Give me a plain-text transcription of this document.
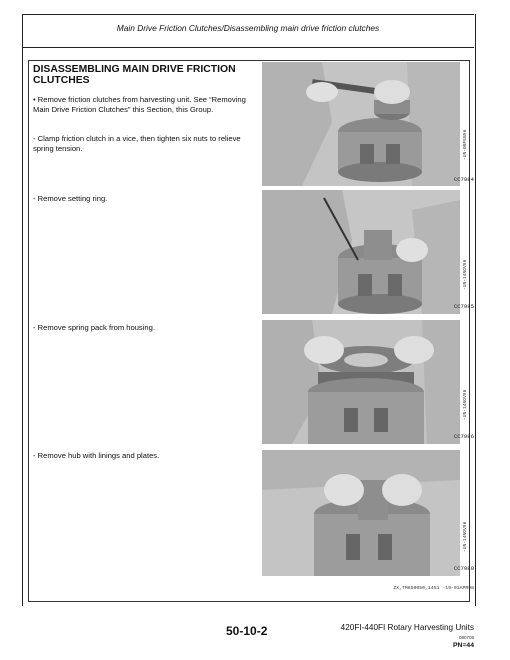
Main Drive Friction Clutches/Disassembling main drive friction clutches
DISASSEMBLING MAIN DRIVE FRICTION CLUTCHES
• Remove friction clutches from harvesting unit. See “Removing Main Drive Friction Clutches” this Section, this Group.
- Clamp friction clutch in a vice, then tighten six nuts to relieve spring tension.
- Remove setting ring.
- Remove spring pack from housing.
- Remove hub with linings and plates.
CC7984
-UN-08FEB96
CC7985
-UN-14NOV96
CC7986
-UN-14NOV96
CC7989
-UN-14NOV96
ZX,TM650050,1451 -19-01APR98
50-10-2	420FI-440FI Rotary Harvesting Units
080708
PN=44
